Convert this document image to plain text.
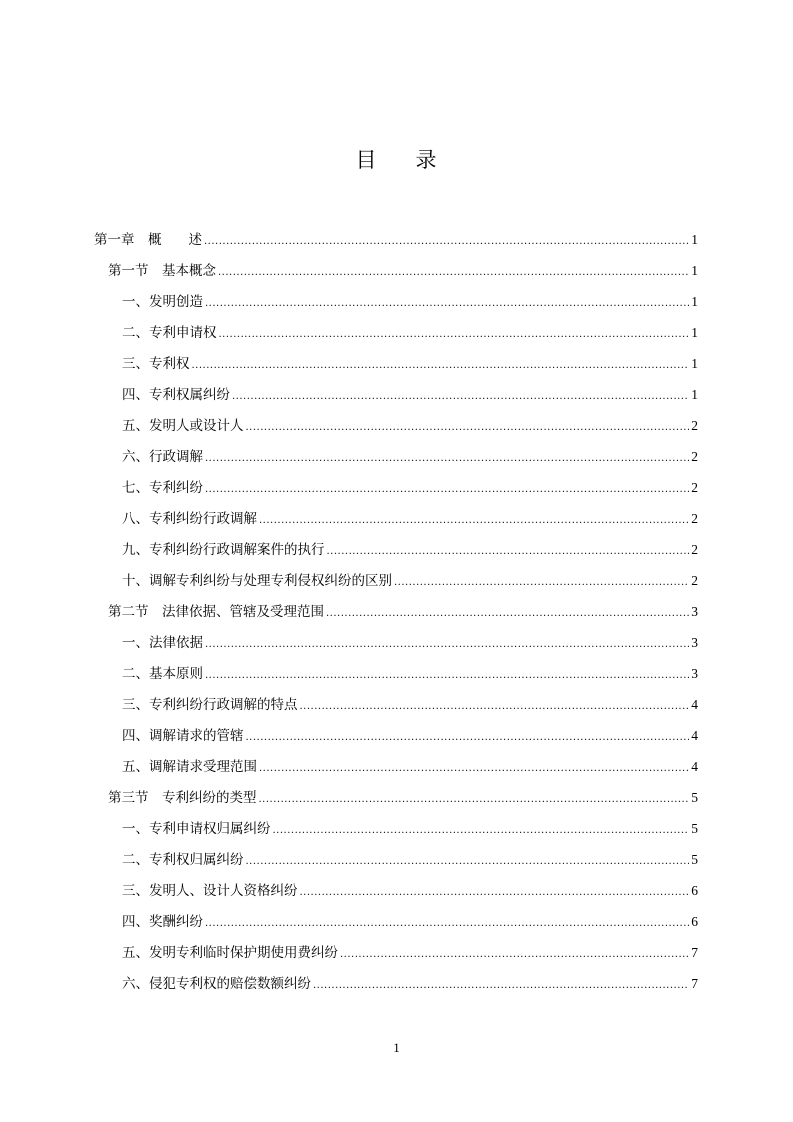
目 录
第一章　概　　述 .....	1
第一节　基本概念 .....	1
一、发明创造 .....	1
二、专利申请权 .....	1
三、专利权 .....	1
四、专利权属纠纷 .....	1
五、发明人或设计人 .....	2
六、行政调解 .....	2
七、专利纠纷 .....	2
八、专利纠纷行政调解 .....	2
九、专利纠纷行政调解案件的执行 .....	2
十、调解专利纠纷与处理专利侵权纠纷的区别 .....	2
第二节　法律依据、管辖及受理范围 .....	3
一、法律依据 .....	3
二、基本原则 .....	3
三、专利纠纷行政调解的特点 .....	4
四、调解请求的管辖 .....	4
五、调解请求受理范围 .....	4
第三节　专利纠纷的类型 .....	5
一、专利申请权归属纠纷 .....	5
二、专利权归属纠纷 .....	5
三、发明人、设计人资格纠纷 .....	6
四、奖酬纠纷 .....	6
五、发明专利临时保护期使用费纠纷 .....	7
六、侵犯专利权的赔偿数额纠纷 .....	7
1
